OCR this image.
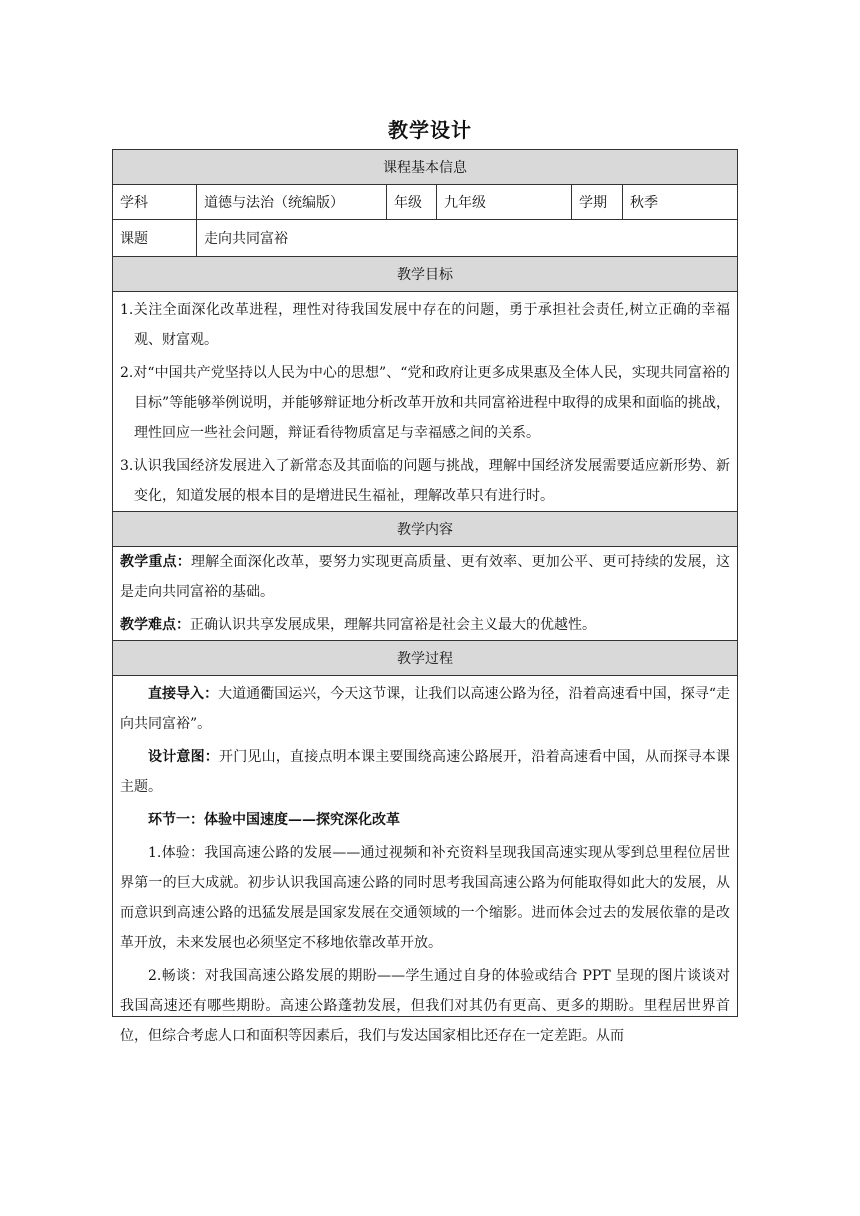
教学设计
课程基本信息					
学科	道德与法治（统编版）	年级	九年级	学期	秋季
课题	走向共同富裕				
教学目标					

1.关注全面深化改革进程，理性对待我国发展中存在的问题，勇于承担社会责任,树立正确的幸福观、财富观。
2.对“中国共产党坚持以人民为中心的思想”、“党和政府让更多成果惠及全体人民，实现共同富裕的目标”等能够举例说明，并能够辩证地分析改革开放和共同富裕进程中取得的成果和面临的挑战，理性回应一些社会问题，辩证看待物质富足与幸福感之间的关系。
3.认识我国经济发展进入了新常态及其面临的问题与挑战，理解中国经济发展需要适应新形势、新变化，知道发展的根本目的是增进民生福祉，理解改革只有进行时。					

教学内容					

教学重点：理解全面深化改革，要努力实现更高质量、更有效率、更加公平、更可持续的发展，这是走向共同富裕的基础。
教学难点：正确认识共享发展成果，理解共同富裕是社会主义最大的优越性。					

教学过程					

直接导入：大道通衢国运兴，今天这节课，让我们以高速公路为径，沿着高速看中国，探寻“走向共同富裕”。
设计意图：开门见山，直接点明本课主要围绕高速公路展开，沿着高速看中国，从而探寻本课主题。
环节一：体验中国速度——探究深化改革
1.体验：我国高速公路的发展——通过视频和补充资料呈现我国高速实现从零到总里程位居世界第一的巨大成就。初步认识我国高速公路的同时思考我国高速公路为何能取得如此大的发展，从而意识到高速公路的迅猛发展是国家发展在交通领域的一个缩影。进而体会过去的发展依靠的是改革开放，未来发展也必须坚定不移地依靠改革开放。
2.畅谈：对我国高速公路发展的期盼——学生通过自身的体验或结合 PPT 呈现的图片谈谈对我国高速还有哪些期盼。高速公路蓬勃发展，但我们对其仍有更高、更多的期盼。里程居世界首位，但综合考虑人口和面积等因素后，我们与发达国家相比还存在一定差距。从而					
